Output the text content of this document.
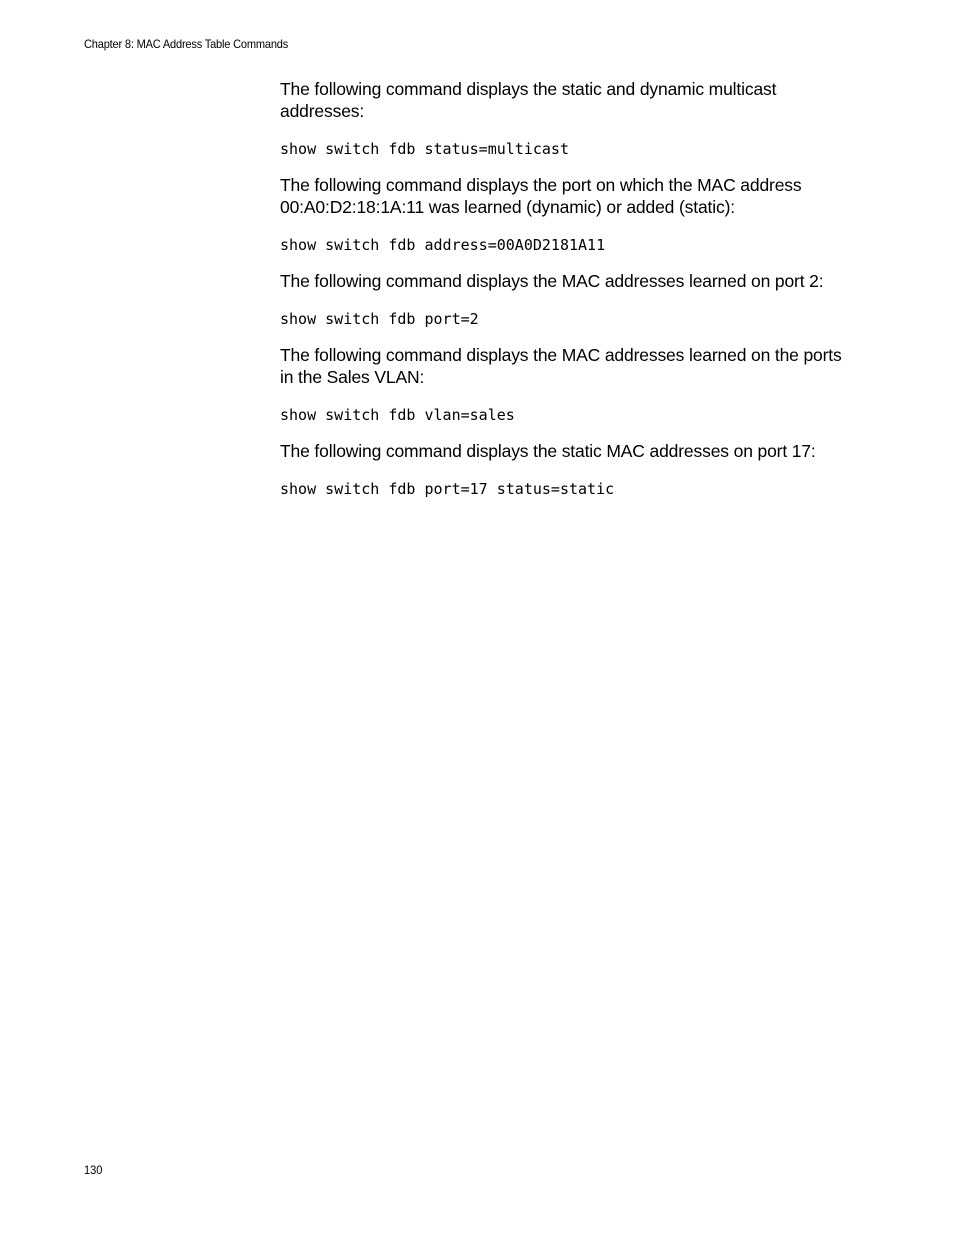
Chapter 8: MAC Address Table Commands

The following command displays the static and dynamic multicast addresses:

show switch fdb status=multicast

The following command displays the port on which the MAC address 00:A0:D2:18:1A:11 was learned (dynamic) or added (static):

show switch fdb address=00A0D2181A11

The following command displays the MAC addresses learned on port 2:

show switch fdb port=2

The following command displays the MAC addresses learned on the ports in the Sales VLAN:

show switch fdb vlan=sales

The following command displays the static MAC addresses on port 17:

show switch fdb port=17 status=static

130
